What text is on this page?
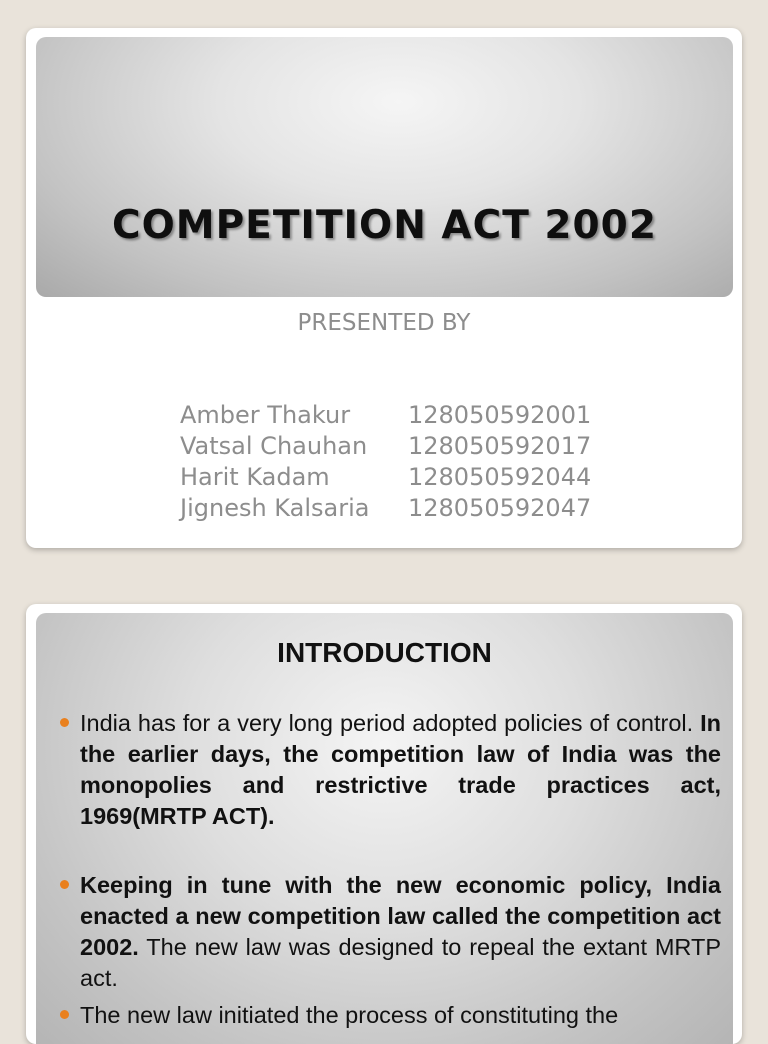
COMPETITION ACT 2002

PRESENTED BY

Amber Thakur	128050592001
Vatsal Chauhan	128050592017
Harit Kadam	128050592044
Jignesh Kalsaria	128050592047
INTRODUCTION
India has for a very long period adopted policies of control. In the earlier days, the competition law of India was the monopolies and restrictive trade practices act, 1969(MRTP ACT).
Keeping in tune with the new economic policy, India enacted a new competition law called the competition act 2002. The new law was designed to repeal the extant MRTP act.
The new law initiated the process of constituting the
